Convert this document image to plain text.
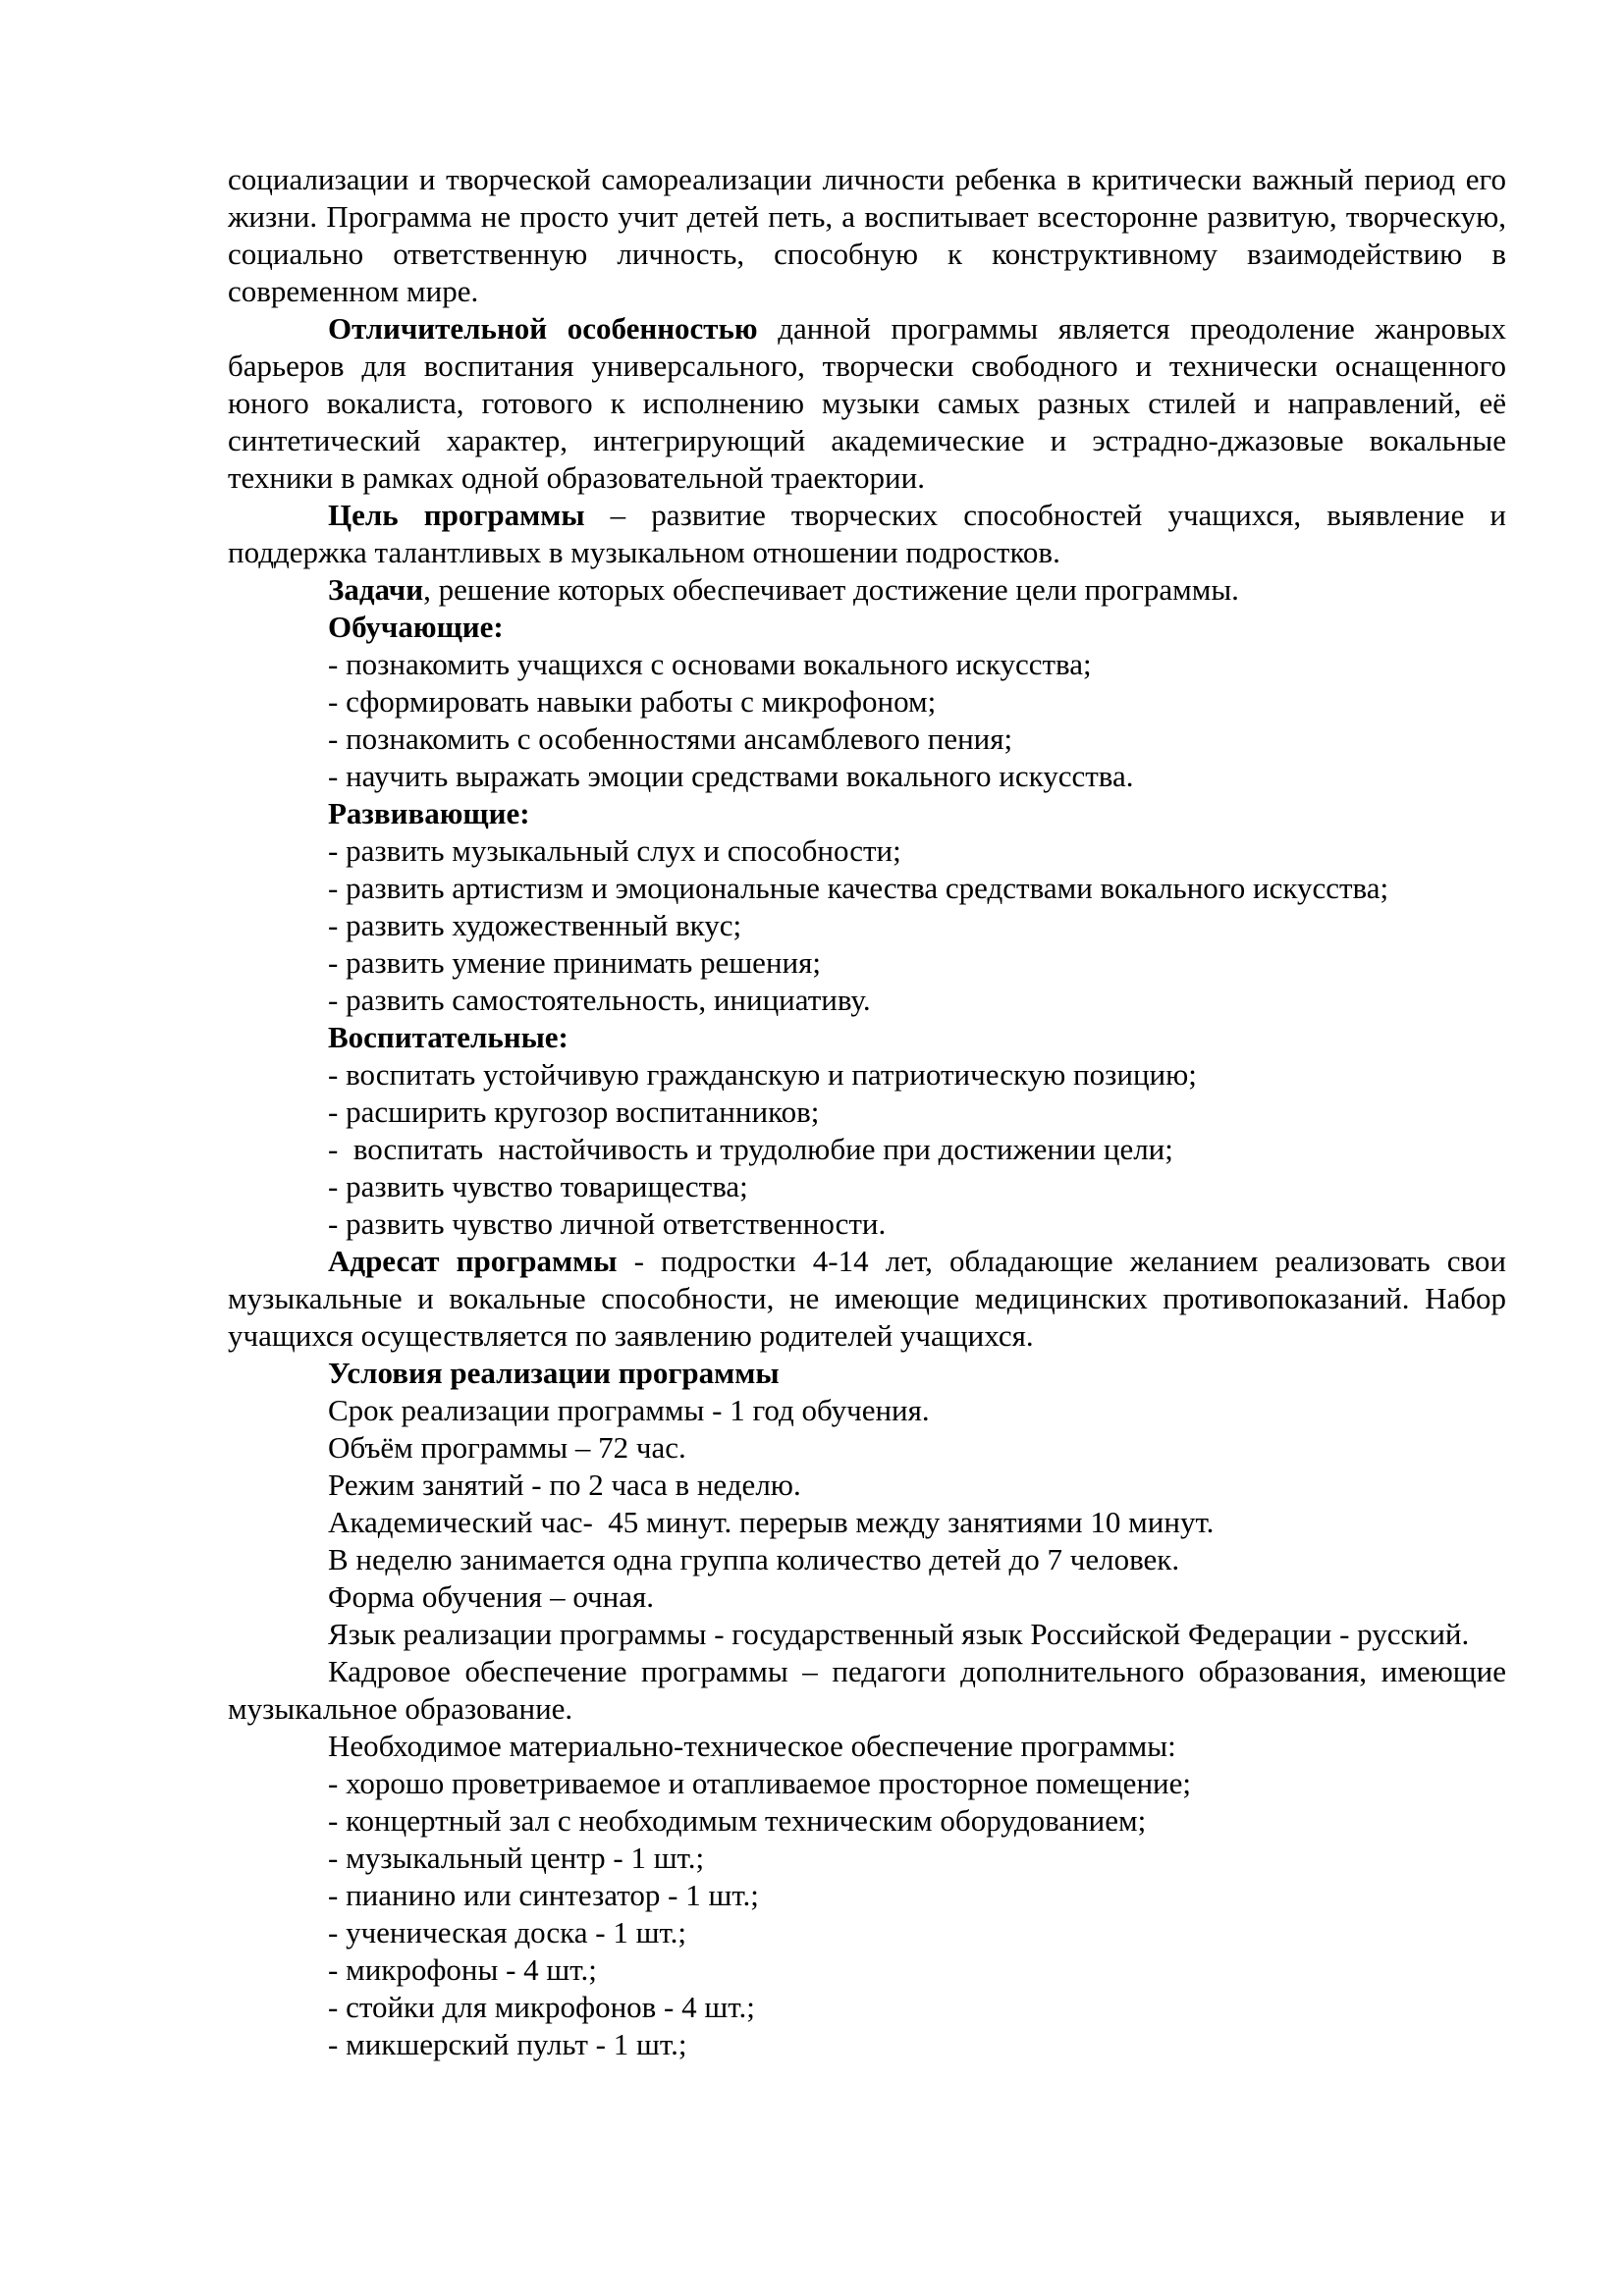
социализации и творческой самореализации личности ребенка в критически важный период его жизни. Программа не просто учит детей петь, а воспитывает всесторонне развитую, творческую, социально ответственную личность, способную к конструктивному взаимодействию в современном мире.

Отличительной особенностью данной программы является преодоление жанровых барьеров для воспитания универсального, творчески свободного и технически оснащенного юного вокалиста, готового к исполнению музыки самых разных стилей и направлений, её синтетический характер, интегрирующий академические и эстрадно-джазовые вокальные техники в рамках одной образовательной траектории.

Цель программы – развитие творческих способностей учащихся, выявление и поддержка талантливых в музыкальном отношении подростков.

Задачи, решение которых обеспечивает достижение цели программы.

Обучающие:

- познакомить учащихся с основами вокального искусства;

- сформировать навыки работы с микрофоном;

- познакомить с особенностями ансамблевого пения;

- научить выражать эмоции средствами вокального искусства.

Развивающие:

- развить музыкальный слух и способности;

- развить артистизм и эмоциональные качества средствами вокального искусства;

- развить художественный вкус;

- развить умение принимать решения;

- развить самостоятельность, инициативу.

Воспитательные:

- воспитать устойчивую гражданскую и патриотическую позицию;

- расширить кругозор воспитанников;

-  воспитать  настойчивость и трудолюбие при достижении цели;

- развить чувство товарищества;

- развить чувство личной ответственности.

Адресат программы - подростки 4-14 лет, обладающие желанием реализовать свои музыкальные и вокальные способности, не имеющие медицинских противопоказаний. Набор учащихся осуществляется по заявлению родителей учащихся.

Условия реализации программы

Срок реализации программы - 1 год обучения.

Объём программы – 72 час.

Режим занятий - по 2 часа в неделю.

Академический час-  45 минут. перерыв между занятиями 10 минут.

В неделю занимается одна группа количество детей до 7 человек.

Форма обучения – очная.

Язык реализации программы - государственный язык Российской Федерации - русский.

Кадровое обеспечение программы – педагоги дополнительного образования, имеющие музыкальное образование.

Необходимое материально-техническое обеспечение программы:

- хорошо проветриваемое и отапливаемое просторное помещение;

- концертный зал с необходимым техническим оборудованием;

- музыкальный центр - 1 шт.;

- пианино или синтезатор - 1 шт.;

- ученическая доска - 1 шт.;

- микрофоны - 4 шт.;

- стойки для микрофонов - 4 шт.;

- микшерский пульт - 1 шт.;
